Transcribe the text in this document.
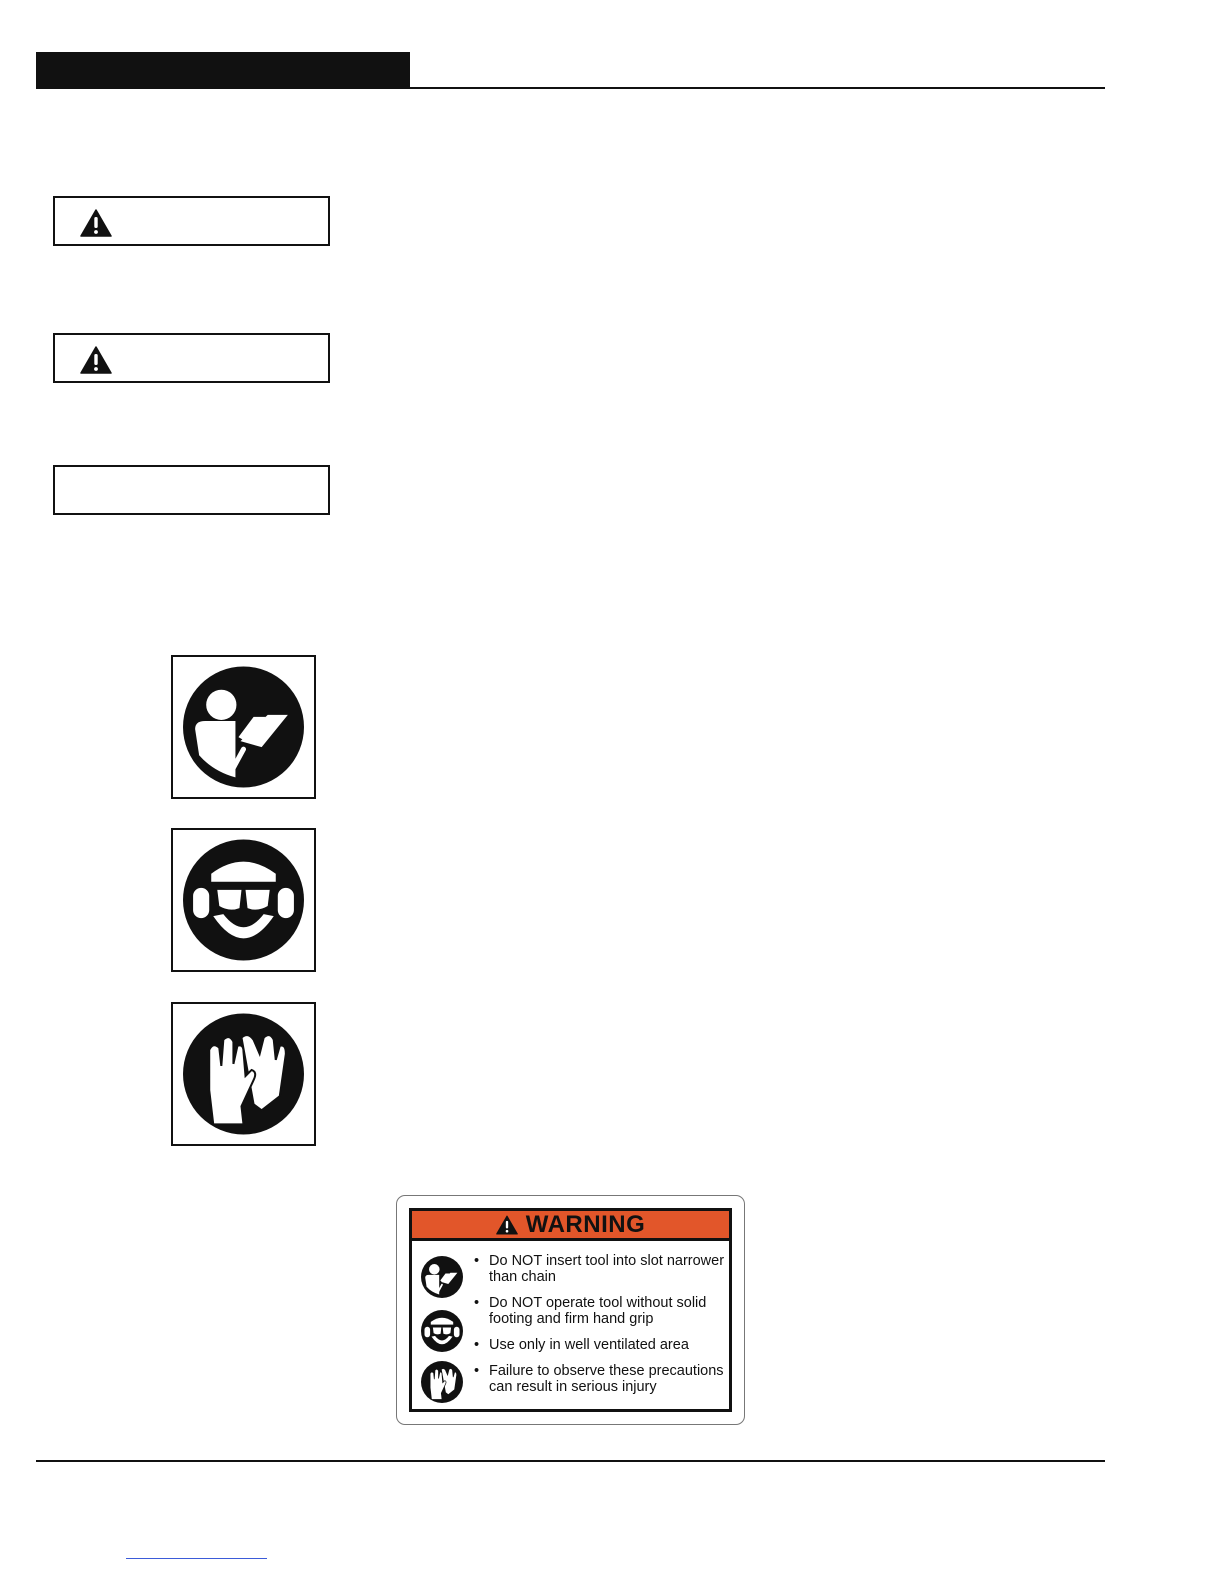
WARNING
• Do NOT insert tool into slot narrower
than chain
• Do NOT operate tool without solid
footing and firm hand grip
• Use only in well ventilated area
• Failure to observe these precautions
can result in serious injury
